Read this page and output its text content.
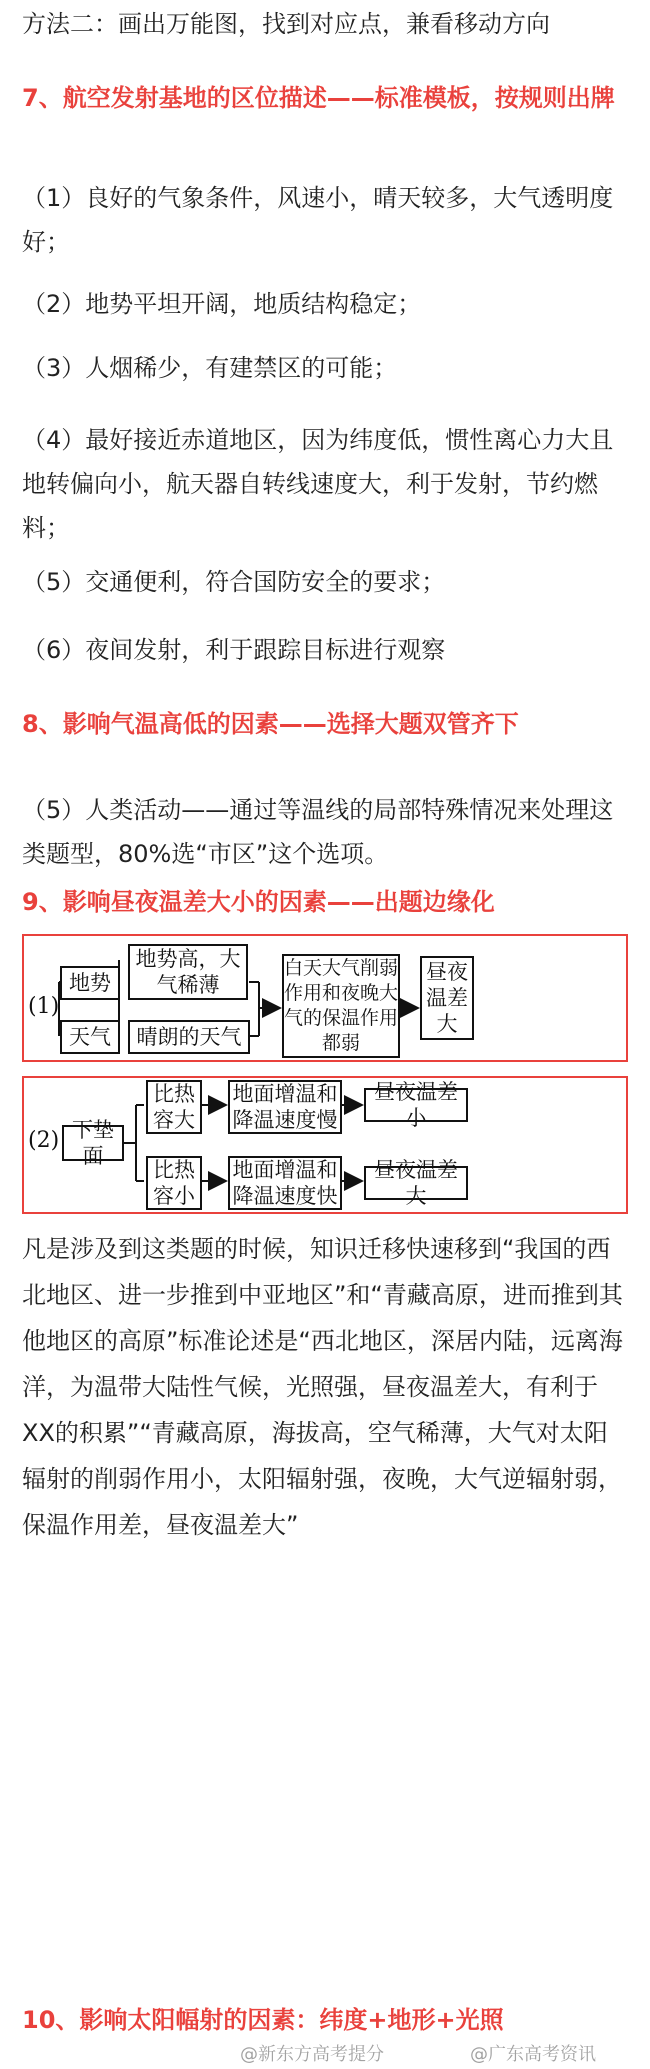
方法二：画出万能图，找到对应点，兼看移动方向
7、航空发射基地的区位描述——标准模板，按规则出牌
（1）良好的气象条件，风速小，晴天较多，大气透明度好；
（2）地势平坦开阔，地质结构稳定；
（3）人烟稀少，有建禁区的可能；
（4）最好接近赤道地区，因为纬度低，惯性离心力大且地转偏向小，航天器自转线速度大，利于发射，节约燃料；
（5）交通便利，符合国防安全的要求；
（6）夜间发射，利于跟踪目标进行观察
8、影响气温高低的因素——选择大题双管齐下
（5）人类活动——通过等温线的局部特殊情况来处理这类题型，80%选“市区”这个选项。
9、影响昼夜温差大小的因素——出题边缘化
地势
地势高，大气稀薄
(1)
天气	晴朗的天气
白天大气削弱作用和夜晚大气的保温作用都弱
昼夜温差大
(2) 下垫面
比热容大
地面增温和降温速度慢
昼夜温差小
比热容小
地面增温和降温速度快
昼夜温差大
凡是涉及到这类题的时候，知识迁移快速移到“我国的西北地区、进一步推到中亚地区”和“青藏高原，进而推到其他地区的高原”标准论述是“西北地区，深居内陆，远离海洋，为温带大陆性气候，光照强，昼夜温差大，有利于XX的积累”“青藏高原，海拔高，空气稀薄，大气对太阳辐射的削弱作用小，太阳辐射强，夜晚，大气逆辐射弱，保温作用差，昼夜温差大”
10、影响太阳幅射的因素：纬度+地形+光照
@新东方高考提分	@广东高考资讯
